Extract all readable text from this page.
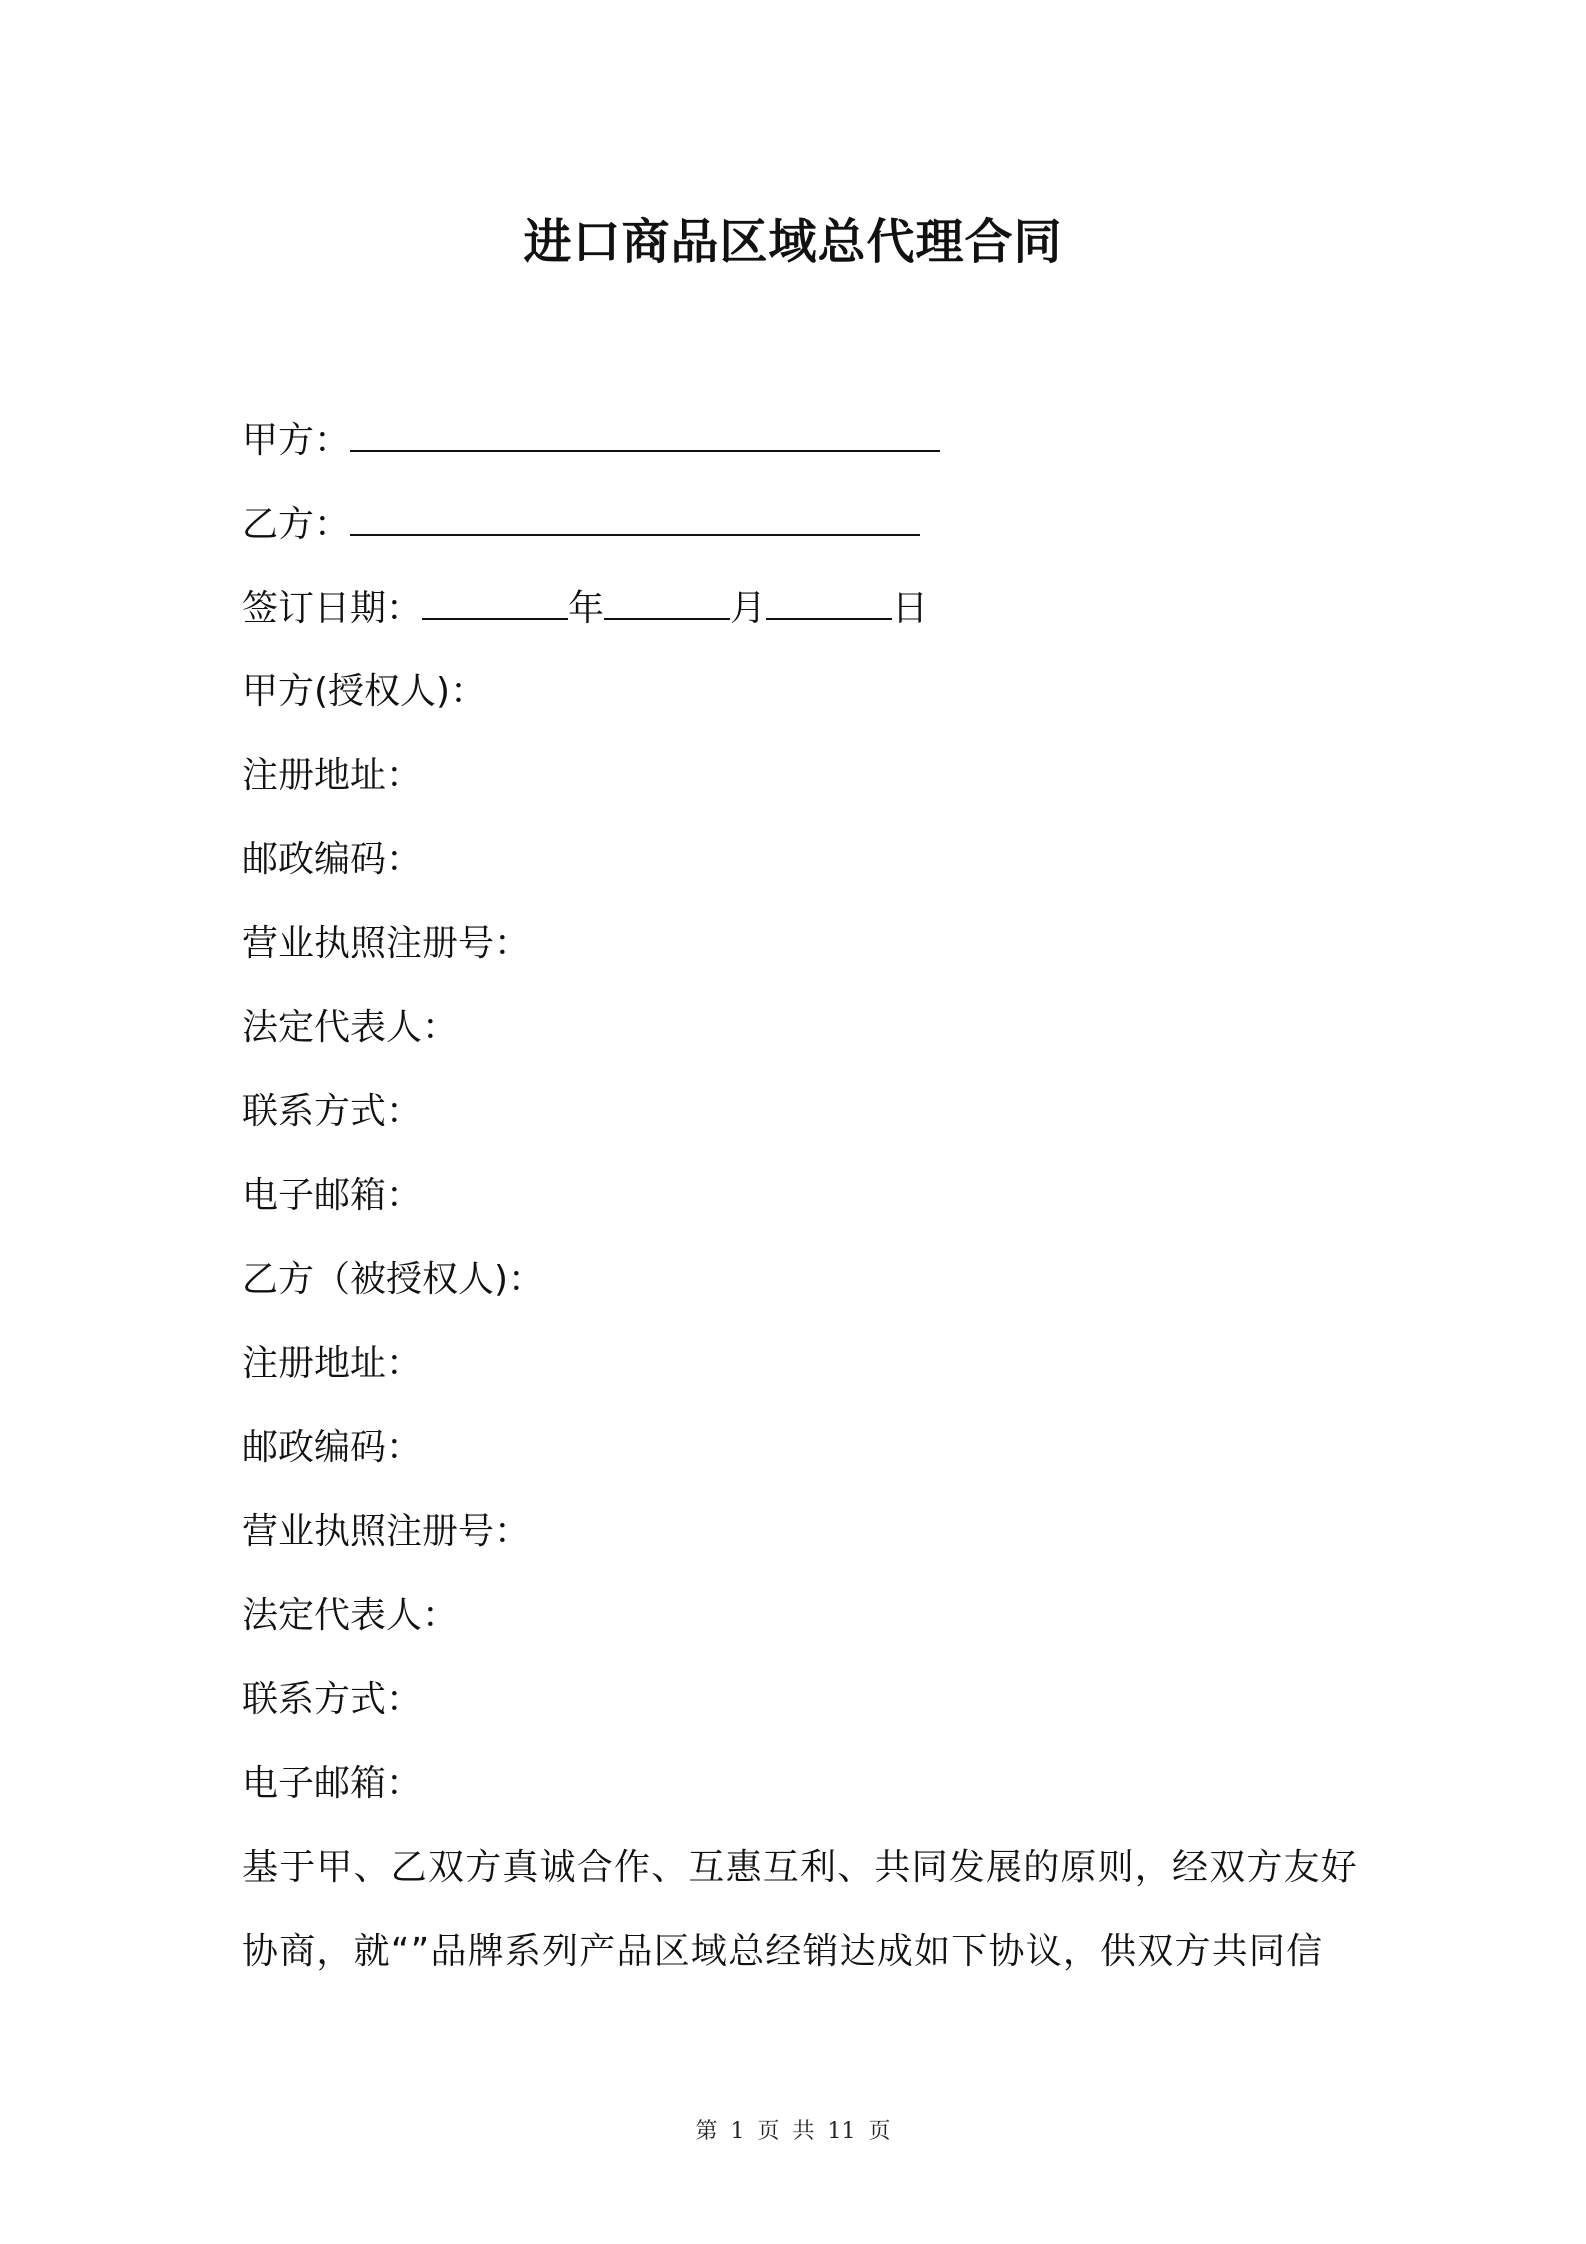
进口商品区域总代理合同
甲方：
乙方：
签订日期：	年	月	日
甲方(授权人)：
注册地址：
邮政编码：
营业执照注册号：
法定代表人：
联系方式：
电子邮箱：
乙方（被授权人)：
注册地址：
邮政编码：
营业执照注册号：
法定代表人：
联系方式：
电子邮箱：
基于甲、乙双方真诚合作、互惠互利、共同发展的原则，经双方友好
协商，就“”品牌系列产品区域总经销达成如下协议，供双方共同信
第 1 页 共 11 页
